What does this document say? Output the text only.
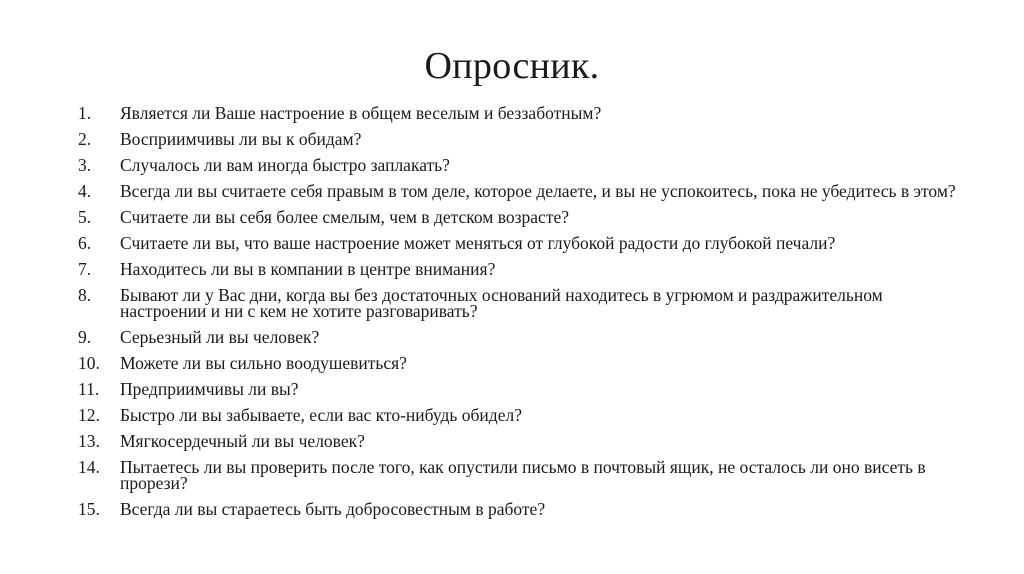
Опросник.
1.	Является ли Ваше настроение в общем веселым и беззаботным?
2.	Восприимчивы ли вы к обидам?
3.	Случалось ли вам иногда быстро заплакать?
4.	Всегда ли вы считаете себя правым в том деле, которое делаете, и вы не успокоитесь, пока не убедитесь в этом?
5.	Считаете ли вы себя более смелым, чем в детском возрасте?
6.	Считаете ли вы, что ваше настроение может меняться от глубокой радости до глубокой печали?
7.	Находитесь ли вы в компании в центре внимания?
8.	Бывают ли у Вас дни, когда вы без достаточных оснований находитесь в угрюмом и раздражительном настроении и ни с кем не хотите разговаривать?
9.	Серьезный ли вы человек?
10.	Можете ли вы сильно воодушевиться?
11.	Предприимчивы ли вы?
12.	Быстро ли вы забываете, если вас кто-нибудь обидел?
13.	Мягкосердечный ли вы человек?
14.	Пытаетесь ли вы проверить после того, как опустили письмо в почтовый ящик, не осталось ли оно висеть в прорези?
15.	Всегда ли вы стараетесь быть добросовестным в работе?
